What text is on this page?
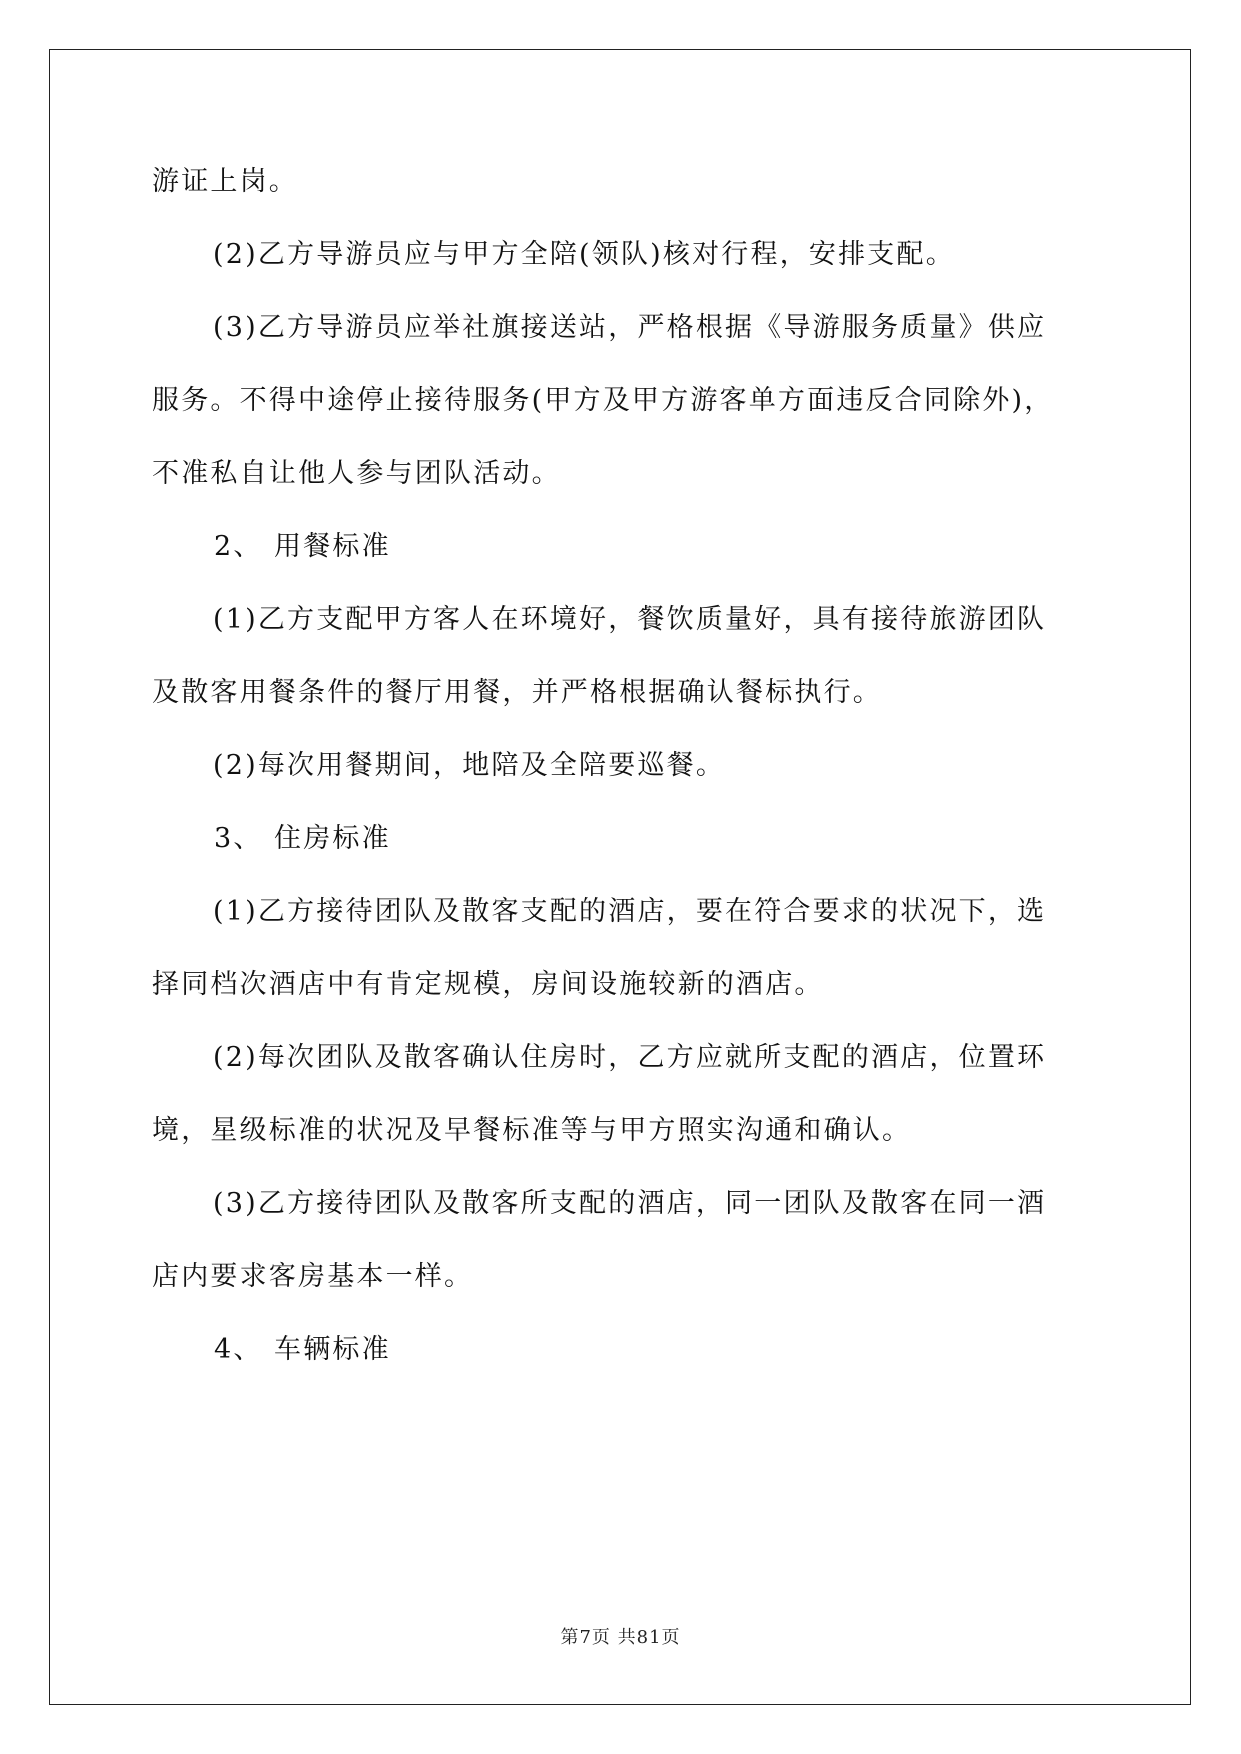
游证上岗。
(2)乙方导游员应与甲方全陪(领队)核对行程，安排支配。
(3)乙方导游员应举社旗接送站，严格根据《导游服务质量》供应
服务。不得中途停止接待服务(甲方及甲方游客单方面违反合同除外)，
不准私自让他人参与团队活动。
2、 用餐标准
(1)乙方支配甲方客人在环境好，餐饮质量好，具有接待旅游团队
及散客用餐条件的餐厅用餐，并严格根据确认餐标执行。
(2)每次用餐期间，地陪及全陪要巡餐。
3、 住房标准
(1)乙方接待团队及散客支配的酒店，要在符合要求的状况下，选
择同档次酒店中有肯定规模，房间设施较新的酒店。
(2)每次团队及散客确认住房时，乙方应就所支配的酒店，位置环
境，星级标准的状况及早餐标准等与甲方照实沟通和确认。
(3)乙方接待团队及散客所支配的酒店，同一团队及散客在同一酒
店内要求客房基本一样。
4、 车辆标准
第7页 共81页
